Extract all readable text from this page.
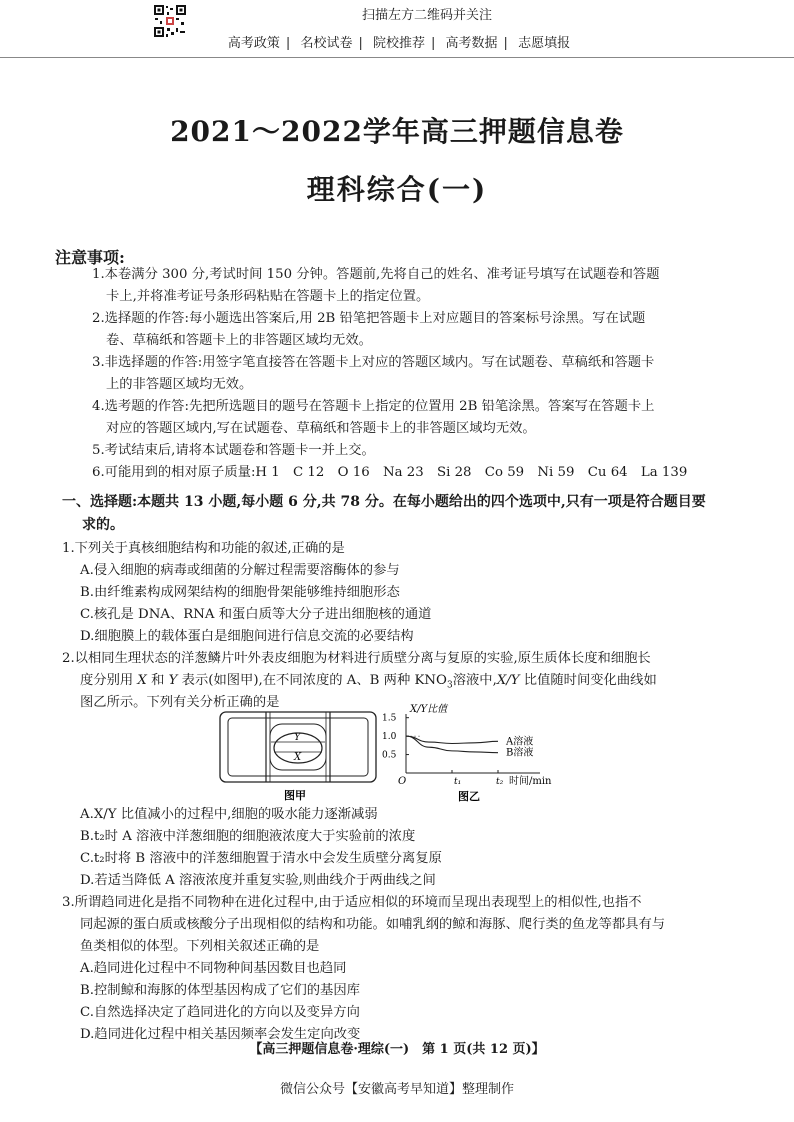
扫描左方二维码并关注
高考政策 | 名校试卷 | 院校推荐 | 高考数据 | 志愿填报
2021～2022学年高三押题信息卷
理科综合(一)
注意事项:
1.本卷满分 300 分,考试时间 150 分钟。答题前,先将自己的姓名、准考证号填写在试题卷和答题
卡上,并将准考证号条形码粘贴在答题卡上的指定位置。
2.选择题的作答:每小题选出答案后,用 2B 铅笔把答题卡上对应题目的答案标号涂黑。写在试题
卷、草稿纸和答题卡上的非答题区域均无效。
3.非选择题的作答:用签字笔直接答在答题卡上对应的答题区域内。写在试题卷、草稿纸和答题卡
上的非答题区域均无效。
4.选考题的作答:先把所选题目的题号在答题卡上指定的位置用 2B 铅笔涂黑。答案写在答题卡上
对应的答题区域内,写在试题卷、草稿纸和答题卡上的非答题区域均无效。
5.考试结束后,请将本试题卷和答题卡一并上交。
6.可能用到的相对原子质量:H 1　C 12　O 16　Na 23　Si 28　Co 59　Ni 59　Cu 64　La 139
一、选择题:本题共 13 小题,每小题 6 分,共 78 分。在每小题给出的四个选项中,只有一项是符合题目要
求的。
1.下列关于真核细胞结构和功能的叙述,正确的是
A.侵入细胞的病毒或细菌的分解过程需要溶酶体的参与
B.由纤维素构成网架结构的细胞骨架能够维持细胞形态
C.核孔是 DNA、RNA 和蛋白质等大分子进出细胞核的通道
D.细胞膜上的载体蛋白是细胞间进行信息交流的必要结构
2.以相同生理状态的洋葱鳞片叶外表皮细胞为材料进行质壁分离与复原的实验,原生质体长度和细胞长
度分别用 X 和 Y 表示(如图甲),在不同浓度的 A、B 两种 $KNO_3$溶液中,X/Y 比值随时间变化曲线如
图乙所示。下列有关分析正确的是
Y
X
图甲
X/Y比值
0.5
1.0
1.5
A溶液
B溶液
O	t₁	t₂ 时间/min
图乙
A.X/Y 比值减小的过程中,细胞的吸水能力逐渐减弱
B.t₂时 A 溶液中洋葱细胞的细胞液浓度大于实验前的浓度
C.t₂时将 B 溶液中的洋葱细胞置于清水中会发生质壁分离复原
D.若适当降低 A 溶液浓度并重复实验,则曲线介于两曲线之间
3.所谓趋同进化是指不同物种在进化过程中,由于适应相似的环境而呈现出表现型上的相似性,也指不
同起源的蛋白质或核酸分子出现相似的结构和功能。如哺乳纲的鲸和海豚、爬行类的鱼龙等都具有与
鱼类相似的体型。下列相关叙述正确的是
A.趋同进化过程中不同物种间基因数目也趋同
B.控制鲸和海豚的体型基因构成了它们的基因库
C.自然选择决定了趋同进化的方向以及变异方向
D.趋同进化过程中相关基因频率会发生定向改变
【高三押题信息卷·理综(一)　第 1 页(共 12 页)】
微信公众号【安徽高考早知道】整理制作
